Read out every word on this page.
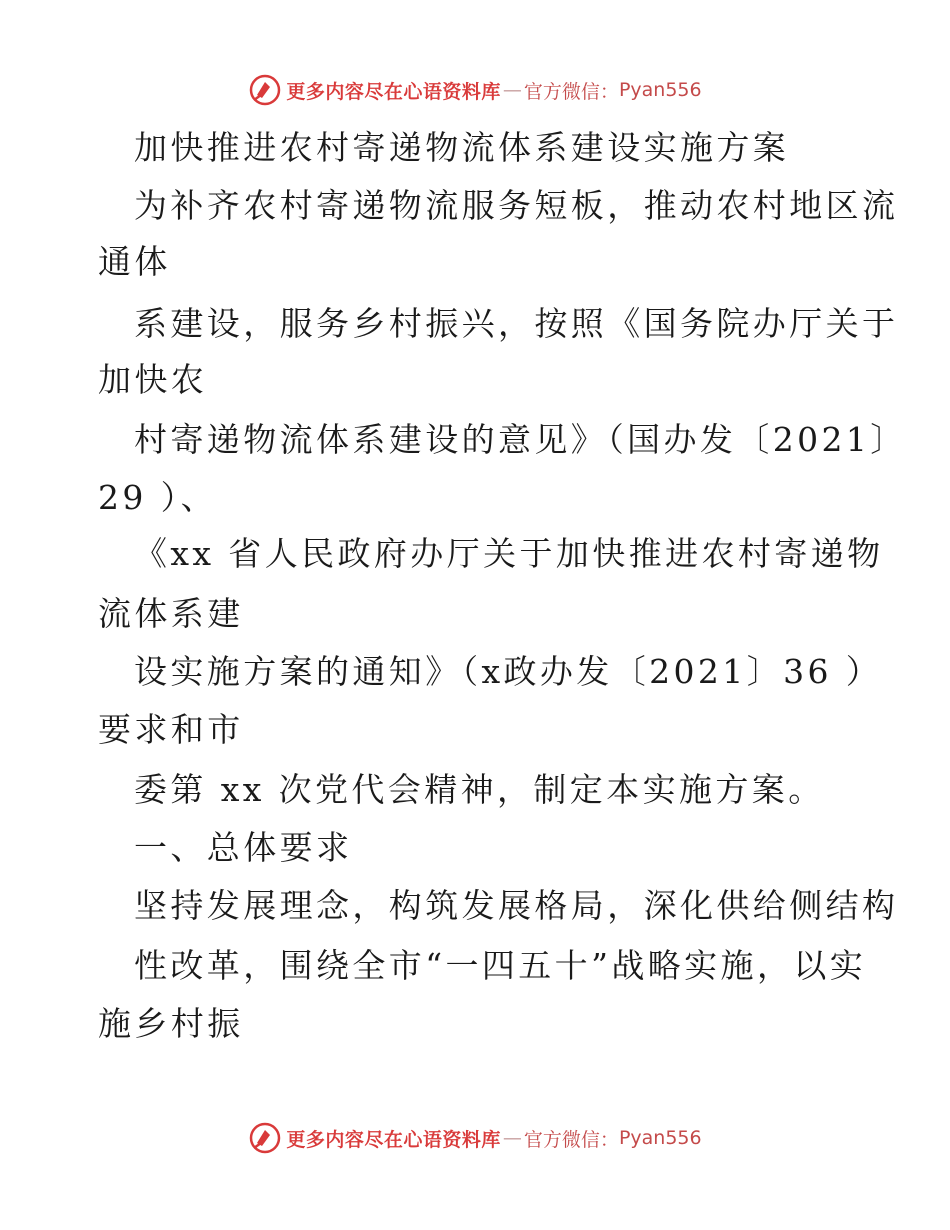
更多内容尽在心语资料库 — 官方微信： Pyan556
加快推进农村寄递物流体系建设实施方案
为补齐农村寄递物流服务短板，推动农村地区流
通体
系建设，服务乡村振兴，按照《国务院办厅关于
加快农
村寄递物流体系建设的意见》（国办发〔2021〕
29 ）、
《xx 省人民政府办厅关于加快推进农村寄递物
流体系建
设实施方案的通知》（x政办发〔2021〕36 ）
要求和市
委第 xx 次党代会精神，制定本实施方案。
一、总体要求
坚持发展理念，构筑发展格局，深化供给侧结构
性改革，围绕全市“一四五十”战略实施，以实
施乡村振
更多内容尽在心语资料库 — 官方微信： Pyan556
